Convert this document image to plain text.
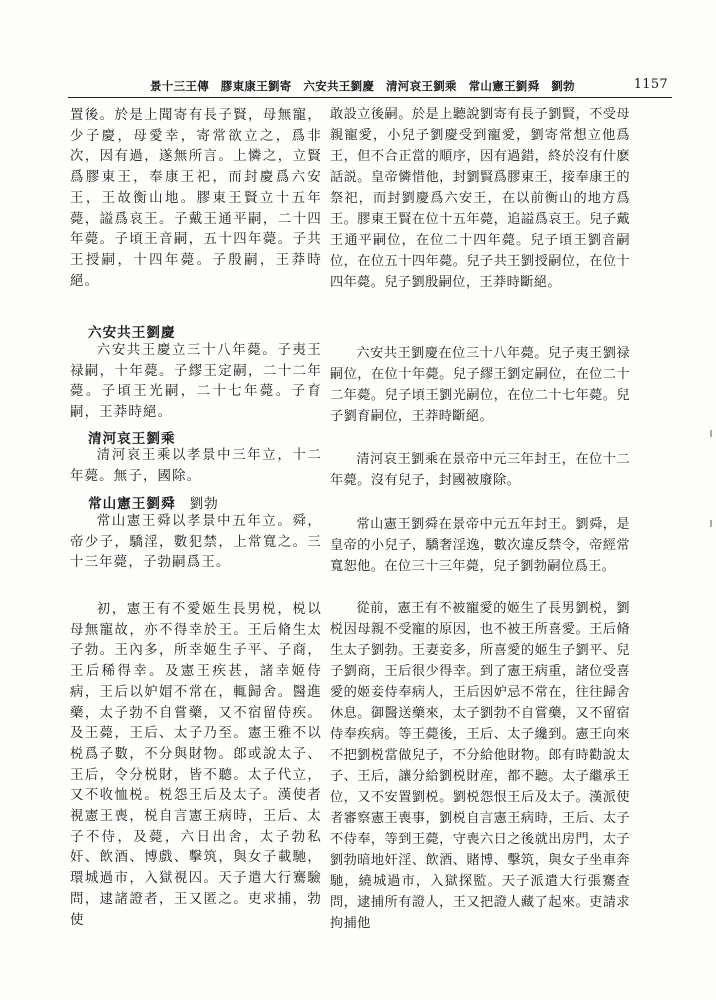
景十三王傳　膠東康王劉寄　六安共王劉慶　清河哀王劉乘　常山憲王劉舜　劉勃	1157
置後。於是上聞寄有長子賢，母無寵，少子慶，母愛幸，寄常欲立之，爲非次，因有過，遂無所言。上憐之，立賢爲膠東王，奉康王祀，而封慶爲六安王，王故衡山地。膠東王賢立十五年薨，謚爲哀王。子戴王通平嗣，二十四年薨。子頃王音嗣，五十四年薨。子共王授嗣，十四年薨。子殷嗣，王莽時絕。
六安共王劉慶
六安共王慶立三十八年薨。子夷王禄嗣，十年薨。子繆王定嗣，二十二年薨。子頃王光嗣，二十七年薨。子育嗣，王莽時絕。
清河哀王劉乘
清河哀王乘以孝景中三年立，十二年薨。無子，國除。
常山憲王劉舜 劉勃
常山憲王舜以孝景中五年立。舜，帝少子，驕淫，數犯禁，上常寬之。三十三年薨，子勃嗣爲王。
初，憲王有不愛姬生長男棁，棁以母無寵故，亦不得幸於王。王后脩生太子勃。王內多，所幸姬生子平、子商，王后稀得幸。及憲王疾甚，諸幸姬侍病，王后以妒媢不常在，輒歸舍。醫進藥，太子勃不自嘗藥，又不宿留侍疾。及王薨，王后、太子乃至。憲王雅不以棁爲子數，不分與財物。郎或說太子、王后，令分棁財，皆不聽。太子代立，又不收恤棁。棁怨王后及太子。漢使者視憲王喪，棁自言憲王病時，王后、太子不侍，及薨，六日出舍，太子勃私奸、飲酒、博戲、擊筑，與女子載馳，環城過市，入獄視囚。天子遣大行騫驗問，逮諸證者，王又匿之。吏求捕，勃使
敢設立後嗣。於是上聽說劉寄有長子劉賢，不受母親寵愛，小兒子劉慶受到寵愛，劉寄常想立他爲王，但不合正當的順序，因有過錯，終於沒有什麽話説。皇帝憐惜他，封劉賢爲膠東王，接奉康王的祭祀，而封劉慶爲六安王，在以前衡山的地方爲王。膠東王賢在位十五年薨，追謚爲哀王。兒子戴王通平嗣位，在位二十四年薨。兒子頃王劉音嗣位，在位五十四年薨。兒子共王劉授嗣位，在位十四年薨。兒子劉殷嗣位，王莽時斷絕。
六安共王劉慶在位三十八年薨。兒子夷王劉禄嗣位，在位十年薨。兒子繆王劉定嗣位，在位二十二年薨。兒子頃王劉光嗣位，在位二十七年薨。兒子劉育嗣位，王莽時斷絕。
清河哀王劉乘在景帝中元三年封王，在位十二年薨。沒有兒子，封國被廢除。
常山憲王劉舜在景帝中元五年封王。劉舜，是皇帝的小兒子，驕奢淫逸，數次違反禁令，帝經常寬恕他。在位三十三年薨，兒子劉勃嗣位爲王。
從前，憲王有不被寵愛的姬生了長男劉棁，劉棁因母親不受寵的原因，也不被王所喜愛。王后脩生太子劉勃。王妻妾多，所喜愛的姬生子劉平、兒子劉商，王后很少得幸。到了憲王病重，諸位受喜愛的姬妾侍奉病人，王后因妒忌不常在，往往歸舍休息。御醫送藥來，太子劉勃不自嘗藥，又不留宿侍奉疾病。等王薨後，王后、太子纔到。憲王向來不把劉棁當做兒子，不分給他財物。郎有時勸說太子、王后，讓分給劉棁財産，都不聽。太子繼承王位，又不安置劉棁。劉棁怨恨王后及太子。漢派使者審察憲王喪事，劉棁自言憲王病時，王后、太子不侍奉，等到王薨，守喪六日之後就出房門，太子劉勃暗地奸淫、飲酒、賭博、擊筑，與女子坐車奔馳，繞城過市，入獄探監。天子派遣大行張騫查問，逮捕所有證人，王又把證人藏了起來。吏請求拘捕他
